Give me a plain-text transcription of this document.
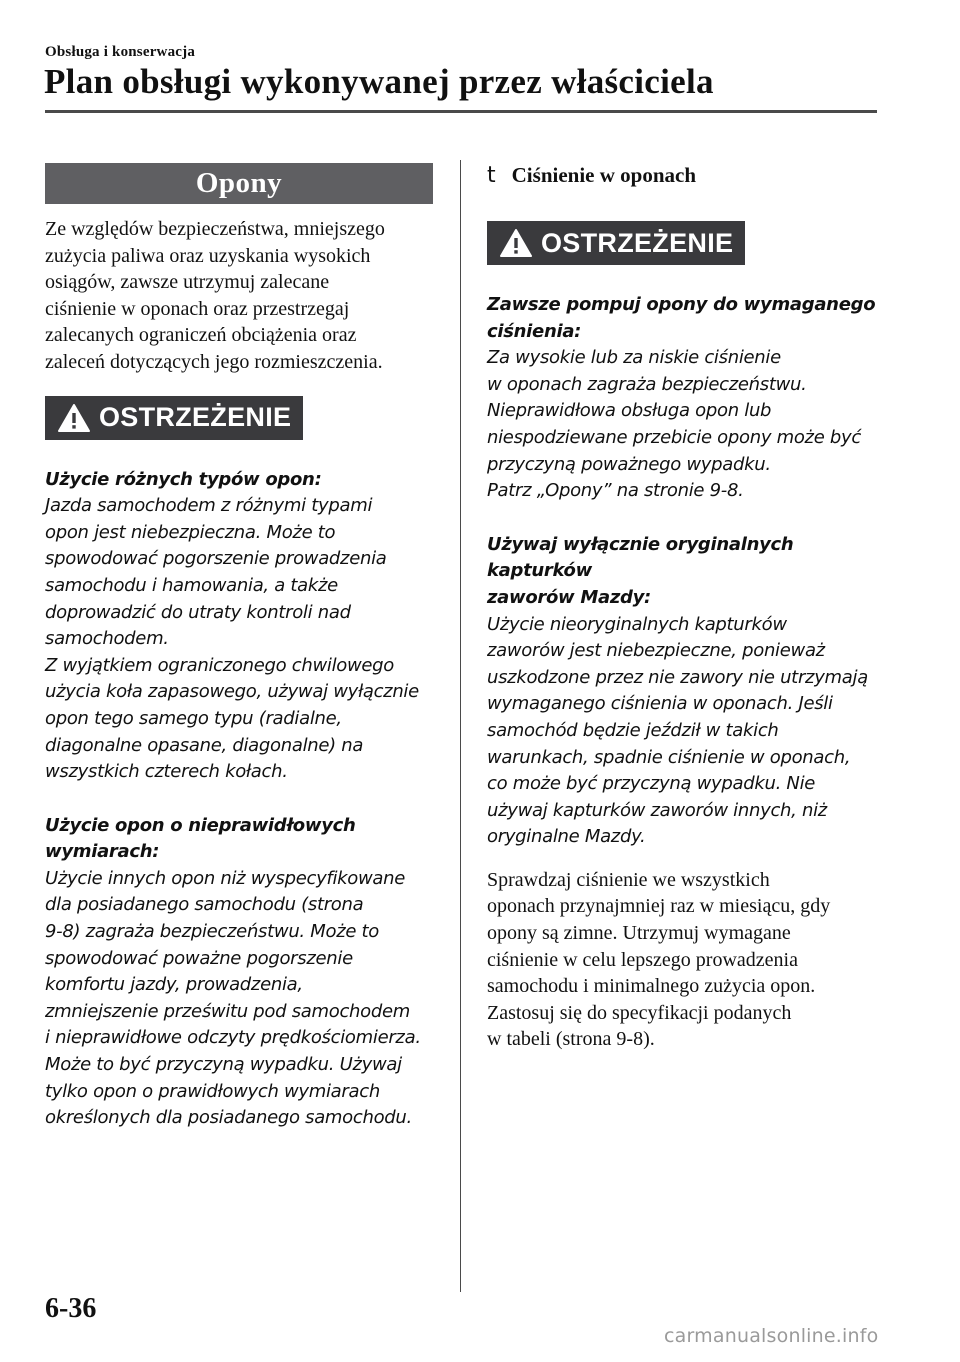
Obsługa i konserwacja
Plan obsługi wykonywanej przez właściciela
Opony

Ze względów bezpieczeństwa, mniejszego
zużycia paliwa oraz uzyskania wysokich
osiągów, zawsze utrzymuj zalecane
ciśnienie w oponach oraz przestrzegaj
zalecanych ograniczeń obciążenia oraz
zaleceń dotyczących jego rozmieszczenia.

OSTRZEŻENIE

Użycie różnych typów opon:

Jazda samochodem z różnymi typami
opon jest niebezpieczna. Może to
spowodować pogorszenie prowadzenia
samochodu i hamowania, a także
doprowadzić do utraty kontroli nad
samochodem.
Z wyjątkiem ograniczonego chwilowego
użycia koła zapasowego, używaj wyłącznie
opon tego samego typu (radialne,
diagonalne opasane, diagonalne) na
wszystkich czterech kołach.

Użycie opon o nieprawidłowych
wymiarach:

Użycie innych opon niż wyspecyfikowane
dla posiadanego samochodu (strona
9-8) zagraża bezpieczeństwu. Może to
spowodować poważne pogorszenie
komfortu jazdy, prowadzenia,
zmniejszenie prześwitu pod samochodem
i nieprawidłowe odczyty prędkościomierza.
Może to być przyczyną wypadku. Używaj
tylko opon o prawidłowych wymiarach
określonych dla posiadanego samochodu.

t Ciśnienie w oponach
OSTRZEŻENIE

Zawsze pompuj opony do wymaganego
ciśnienia:

Za wysokie lub za niskie ciśnienie
w oponach zagraża bezpieczeństwu.
Nieprawidłowa obsługa opon lub
niespodziewane przebicie opony może być
przyczyną poważnego wypadku.
Patrz „Opony” na stronie 9-8.

Używaj wyłącznie oryginalnych kapturków
zaworów Mazdy:

Użycie nieoryginalnych kapturków
zaworów jest niebezpieczne, ponieważ
uszkodzone przez nie zawory nie utrzymają
wymaganego ciśnienia w oponach. Jeśli
samochód będzie jeździł w takich
warunkach, spadnie ciśnienie w oponach,
co może być przyczyną wypadku. Nie
używaj kapturków zaworów innych, niż
oryginalne Mazdy.

Sprawdzaj ciśnienie we wszystkich
oponach przynajmniej raz w miesiącu, gdy
opony są zimne. Utrzymuj wymagane
ciśnienie w celu lepszego prowadzenia
samochodu i minimalnego zużycia opon.
Zastosuj się do specyfikacji podanych
w tabeli (strona 9-8).

6-36
carmanualsonline.info
